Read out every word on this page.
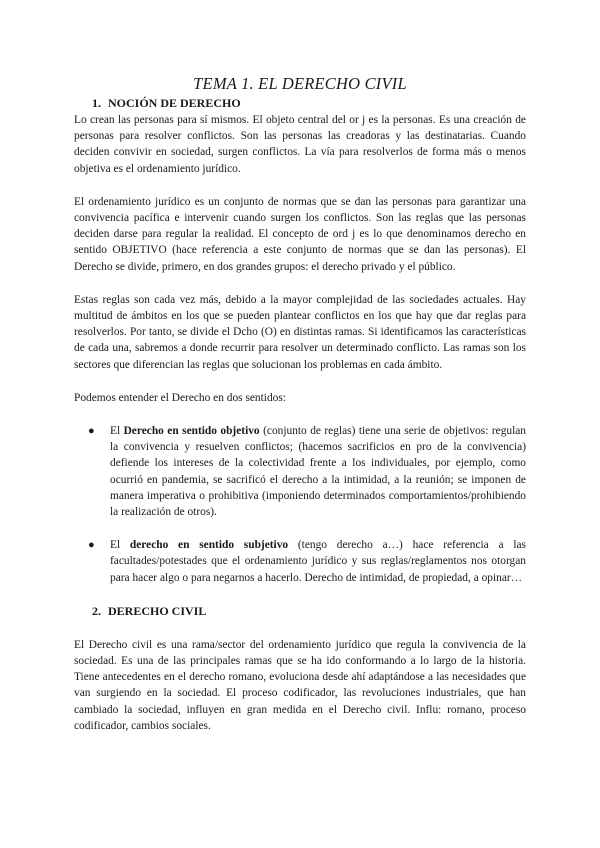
TEMA 1. EL DERECHO CIVIL
1. NOCIÓN DE DERECHO

Lo crean las personas para sí mismos. El objeto central del or j es la personas. Es una creación de personas para resolver conflictos. Son las personas las creadoras y las destinatarias. Cuando deciden convivir en sociedad, surgen conflictos. La vía para resolverlos de forma más o menos objetiva es el ordenamiento jurídico.

El ordenamiento jurídico es un conjunto de normas que se dan las personas para garantizar una convivencia pacífica e intervenir cuando surgen los conflictos. Son las reglas que las personas deciden darse para regular la realidad. El concepto de ord j es lo que denominamos derecho en sentido OBJETIVO (hace referencia a este conjunto de normas que se dan las personas). El Derecho se divide, primero, en dos grandes grupos: el derecho privado y el público.

Estas reglas son cada vez más, debido a la mayor complejidad de las sociedades actuales. Hay multitud de ámbitos en los que se pueden plantear conflictos en los que hay que dar reglas para resolverlos. Por tanto, se divide el Dcho (O) en distintas ramas. Si identificamos las características de cada una, sabremos a donde recurrir para resolver un determinado conflicto. Las ramas son los sectores que diferencian las reglas que solucionan los problemas en cada ámbito.

Podemos entender el Derecho en dos sentidos:

● El Derecho en sentido objetivo (conjunto de reglas) tiene una serie de objetivos: regulan la convivencia y resuelven conflictos; (hacemos sacrificios en pro de la convivencia) defiende los intereses de la colectividad frente a los individuales, por ejemplo, como ocurrió en pandemia, se sacrificó el derecho a la intimidad, a la reunión; se imponen de manera imperativa o prohibitiva (imponiendo determinados comportamientos/prohibiendo la realización de otros).
● El derecho en sentido subjetivo (tengo derecho a…) hace referencia a las facultades/potestades que el ordenamiento jurídico y sus reglas/reglamentos nos otorgan para hacer algo o para negarnos a hacerlo. Derecho de intimidad, de propiedad, a opinar…
2. DERECHO CIVIL

El Derecho civil es una rama/sector del ordenamiento jurídico que regula la convivencia de la sociedad. Es una de las principales ramas que se ha ido conformando a lo largo de la historia. Tiene antecedentes en el derecho romano, evoluciona desde ahí adaptándose a las necesidades que van surgiendo en la sociedad. El proceso codificador, las revoluciones industriales, que han cambiado la sociedad, influyen en gran medida en el Derecho civil. Influ: romano, proceso codificador, cambios sociales.
